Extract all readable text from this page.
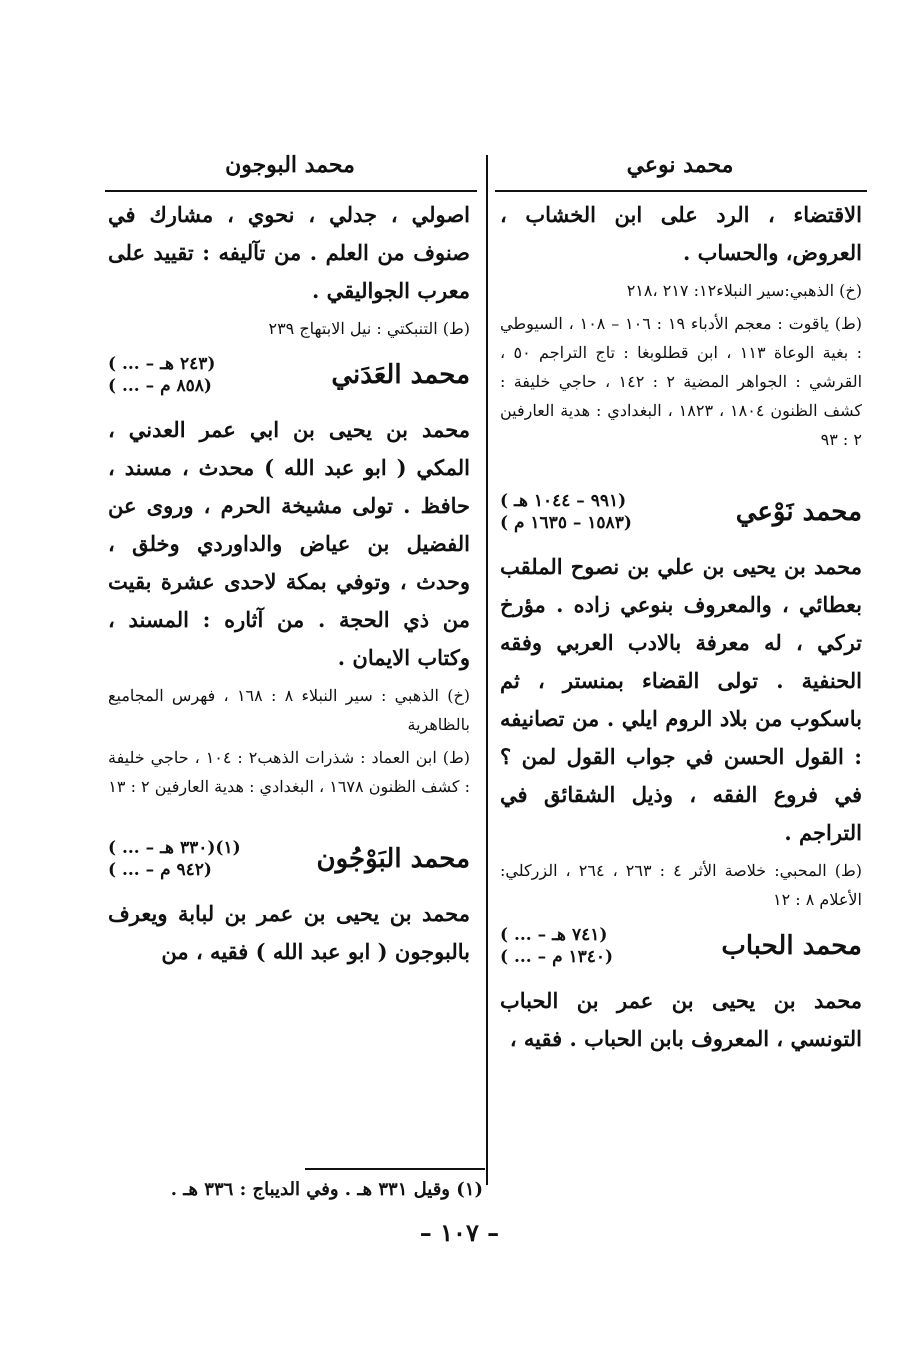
محمد نوعي
محمد البوجون

الاقتضاء ، الرد على ابن الخشاب ، العروض، والحساب .

(خ) الذهبي:سير النبلاء١٢: ٢١٧ ،٢١٨

(ط) ياقوت : معجم الأدباء ١٩ : ١٠٦ – ١٠٨ ، السيوطي : بغية الوعاة ١١٣ ، ابن قطلوبغا : تاج التراجم ٥٠ ، القرشي : الجواهر المضية ٢ : ١٤٢ ، حاجي خليفة : كشف الظنون ١٨٠٤ ، ١٨٢٣ ، البغدادي : هدية العارفين ٢ : ٩٣

محمد نَوْعي
( ٩٩١ – ١٠٤٤ هـ)
( ١٥٨٣ – ١٦٣٥ م)

محمد بن يحيى بن علي بن نصوح الملقب بعطائي ، والمعروف بنوعي زاده . مؤرخ تركي ، له معرفة بالادب العربي وفقه الحنفية . تولى القضاء بمنستر ، ثم باسكوب من بلاد الروم ايلي . من تصانيفه : القول الحسن في جواب القول لمن ؟ في فروع الفقه ، وذيل الشقائق في التراجم .

(ط) المحبي: خلاصة الأثر ٤ : ٢٦٣ ، ٢٦٤ ، الزركلي: الأعلام ٨ : ١٢

محمد الحباب
( ... – ٧٤١ هـ)
( ... – ١٣٤٠ م)

محمد بن يحيى بن عمر بن الحباب التونسي ، المعروف بابن الحباب . فقيه ،

اصولي ، جدلي ، نحوي ، مشارك في صنوف من العلم . من تآليفه : تقييد على معرب الجواليقي .

(ط) التنبكتي : نيل الابتهاج ٢٣٩

محمد العَدَني
( ... – ٢٤٣ هـ)
( ... – ٨٥٨ م)

محمد بن يحيى بن ابي عمر العدني ، المكي ( ابو عبد الله ) محدث ، مسند ، حافظ . تولى مشيخة الحرم ، وروى عن الفضيل بن عياض والداوردي وخلق ، وحدث ، وتوفي بمكة لاحدى عشرة بقيت من ذي الحجة . من آثاره : المسند ، وكتاب الايمان .

(خ) الذهبي : سير النبلاء ٨ : ١٦٨ ، فهرس المجاميع بالظاهرية

(ط) ابن العماد : شذرات الذهب٢ : ١٠٤ ، حاجي خليفة : كشف الظنون ١٦٧٨ ، البغدادي : هدية العارفين ٢ : ١٣

محمد البَوْجُون
( ... – ٣٣٠ هـ)(١)
( ... – ٩٤٢ م)

محمد بن يحيى بن عمر بن لبابة ويعرف بالبوجون ( ابو عبد الله ) فقيه ، من

(١) وقيل ٣٣١ هـ . وفي الديباج : ٣٣٦ هـ .
– ١٠٧ –
